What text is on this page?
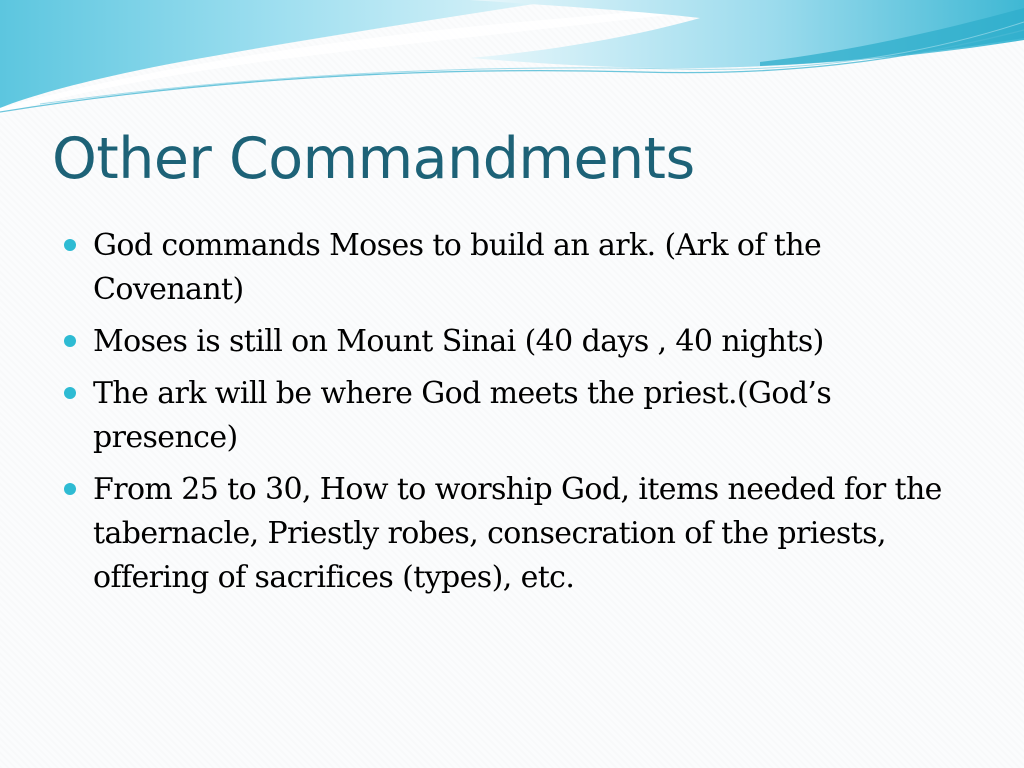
Other Commandments
God commands Moses to build an ark. (Ark of the Covenant)
Moses is still on Mount Sinai (40 days , 40 nights)
The ark will be where God meets the priest.(God’s presence)
From 25 to 30, How to worship God, items needed for the tabernacle, Priestly robes, consecration of the priests, offering of sacrifices (types), etc.
